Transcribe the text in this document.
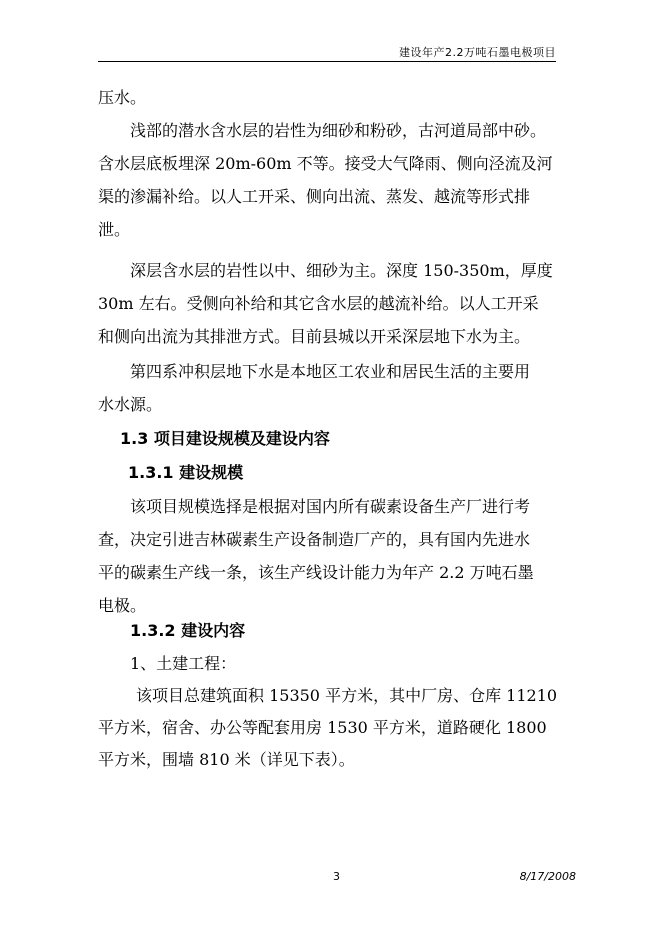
建设年产2.2万吨石墨电极项目
压水。
浅部的潜水含水层的岩性为细砂和粉砂，古河道局部中砂。
含水层底板埋深 20m-60m 不等。接受大气降雨、侧向泾流及河
渠的渗漏补给。以人工开采、侧向出流、蒸发、越流等形式排
泄。
深层含水层的岩性以中、细砂为主。深度 150-350m，厚度
30m 左右。受侧向补给和其它含水层的越流补给。以人工开采
和侧向出流为其排泄方式。目前县城以开采深层地下水为主。
第四系冲积层地下水是本地区工农业和居民生活的主要用
水水源。
1.3 项目建设规模及建设内容
1.3.1 建设规模
该项目规模选择是根据对国内所有碳素设备生产厂进行考
查，决定引进吉林碳素生产设备制造厂产的，具有国内先进水
平的碳素生产线一条，该生产线设计能力为年产 2.2 万吨石墨
电极。
1.3.2 建设内容
1、土建工程：
该项目总建筑面积 15350 平方米，其中厂房、仓库 11210
平方米，宿舍、办公等配套用房 1530 平方米，道路硬化 1800
平方米，围墙 810 米（详见下表）。
3	8/17/2008
